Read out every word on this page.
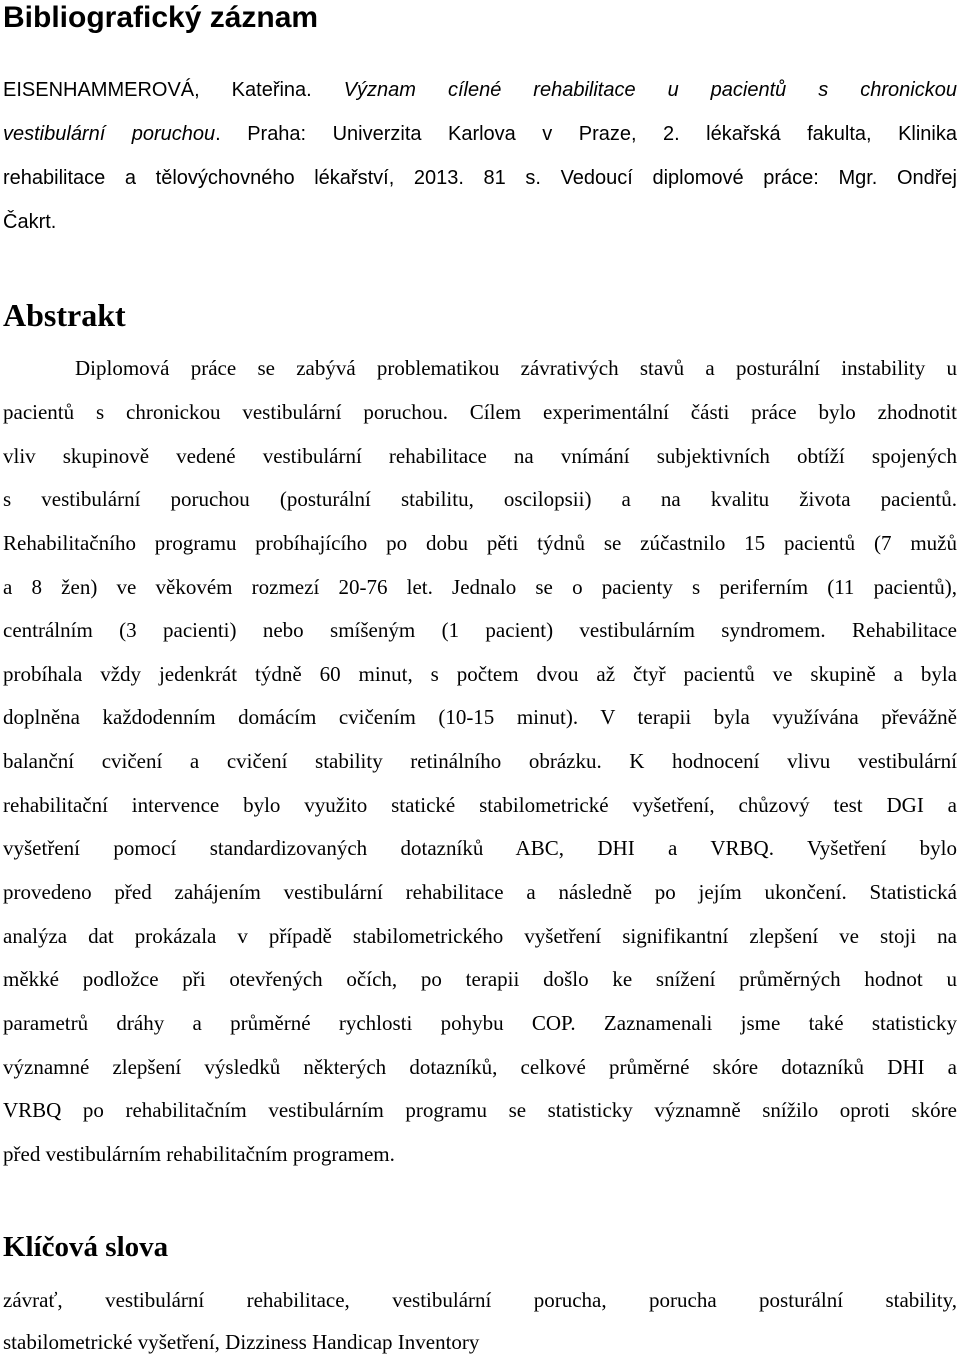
Bibliografický záznam
EISENHAMMEROVÁ, Kateřina. Význam cílené rehabilitace u pacientů s chronickou
vestibulární poruchou. Praha: Univerzita Karlova v Praze, 2. lékařská fakulta, Klinika
rehabilitace a tělovýchovného lékařství, 2013. 81 s. Vedoucí diplomové práce: Mgr. Ondřej
Čakrt.
Abstrakt
Diplomová práce se zabývá problematikou závrativých stavů a posturální instability u
pacientů s chronickou vestibulární poruchou. Cílem experimentální části práce bylo zhodnotit
vliv skupinově vedené vestibulární rehabilitace na vnímání subjektivních obtíží spojených
s vestibulární poruchou (posturální stabilitu, oscilopsii) a na kvalitu života pacientů.
Rehabilitačního programu probíhajícího po dobu pěti týdnů se zúčastnilo 15 pacientů (7 mužů
a 8 žen) ve věkovém rozmezí 20-76 let. Jednalo se o pacienty s periferním (11 pacientů),
centrálním (3 pacienti) nebo smíšeným (1 pacient) vestibulárním syndromem. Rehabilitace
probíhala vždy jedenkrát týdně 60 minut, s počtem dvou až čtyř pacientů ve skupině a byla
doplněna každodenním domácím cvičením (10-15 minut). V terapii byla využívána převážně
balanční cvičení a cvičení stability retinálního obrázku. K hodnocení vlivu vestibulární
rehabilitační intervence bylo využito statické stabilometrické vyšetření, chůzový test DGI a
vyšetření pomocí standardizovaných dotazníků ABC, DHI a VRBQ. Vyšetření bylo
provedeno před zahájením vestibulární rehabilitace a následně po jejím ukončení. Statistická
analýza dat prokázala v případě stabilometrického vyšetření signifikantní zlepšení ve stoji na
měkké podložce při otevřených očích, po terapii došlo ke snížení průměrných hodnot u
parametrů dráhy a průměrné rychlosti pohybu COP. Zaznamenali jsme také statisticky
významné zlepšení výsledků některých dotazníků, celkové průměrné skóre dotazníků DHI a
VRBQ po rehabilitačním vestibulárním programu se statisticky významně snížilo oproti skóre
před vestibulárním rehabilitačním programem.
Klíčová slova
závrať, vestibulární rehabilitace, vestibulární porucha, porucha posturální stability,
stabilometrické vyšetření, Dizziness Handicap Inventory
